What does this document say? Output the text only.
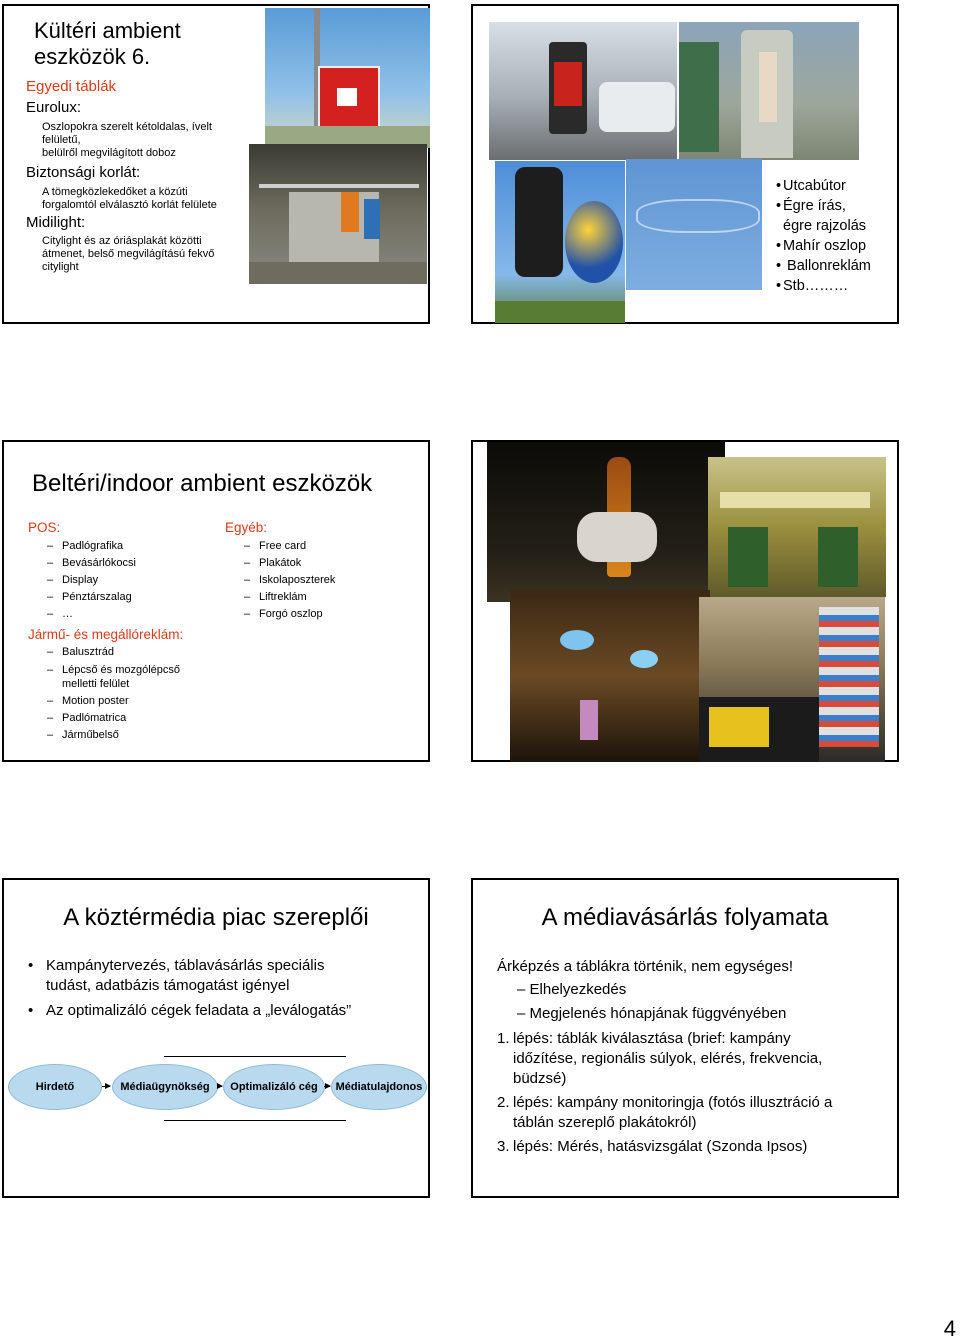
Kültéri ambient
eszközök 6.
Egyedi táblák
Eurolux:
Oszlopokra szerelt kétoldalas, ívelt
felületű,
belülről megvilágított doboz
Biztonsági korlát:
A tömegközlekedőket a közúti
forgalomtól elválasztó korlát felülete
Midilight:
Citylight és az óriásplakát közötti
átmenet, belső megvilágítású fekvő
citylight
• Utcabútor
• Égre írás,
égre rajzolás
• Mahír oszlop
•  Ballonreklám
• Stb………
Beltéri/indoor ambient eszközök
POS:
– Padlógrafika
– Bevásárlókocsi
– Display
– Pénztárszalag
– …
Jármű- és megállóreklám:
– Balusztrád
– Lépcső és mozgólépcső
melletti felület
– Motion poster
– Padlómatrica
– Járműbelső
Egyéb:
– Free card
– Plakátok
– Iskolaposzterek
– Liftreklám
– Forgó oszlop
A köztérmédia piac szereplői
• Kampánytervezés, táblavásárlás speciális
tudást, adatbázis támogatást igényel
• Az optimalizáló cégek feladata a „leválogatás”
Hirdető	Médiaügynökség	Optimalizáló cég	Médiatulajdonos
A médiavásárlás folyamata
Árképzés a táblákra történik, nem egységes!
– Elhelyezkedés
– Megjelenés hónapjának függvényében
1. lépés: táblák kiválasztása (brief: kampány
időzítése, regionális súlyok, elérés, frekvencia,
büdzsé)
2. lépés: kampány monitoringja (fotós illusztráció a
táblán szereplő plakátokról)
3. lépés: Mérés, hatásvizsgálat (Szonda Ipsos)
4
